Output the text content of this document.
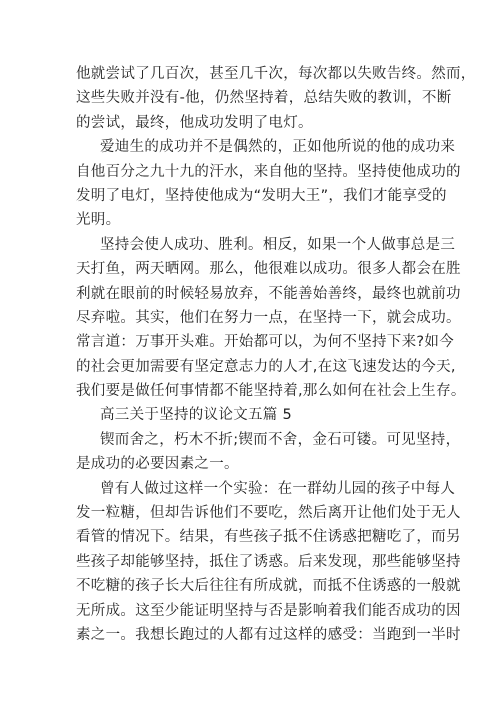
他就尝试了几百次，甚至几千次，每次都以失败告终。然而，
这些失败并没有-他，仍然坚持着，总结失败的教训，不断
的尝试，最终，他成功发明了电灯。
爱迪生的成功并不是偶然的，正如他所说的他的成功来
自他百分之九十九的汗水，来自他的坚持。坚持使他成功的
发明了电灯，坚持使他成为“发明大王”，我们才能享受的
光明。
坚持会使人成功、胜利。相反，如果一个人做事总是三
天打鱼，两天晒网。那么，他很难以成功。很多人都会在胜
利就在眼前的时候轻易放弃，不能善始善终，最终也就前功
尽弃啦。其实，他们在努力一点，在坚持一下，就会成功。
常言道：万事开头难。开始都可以，为何不坚持下来?如今
的社会更加需要有坚定意志力的人才,在这飞速发达的今天,
我们要是做任何事情都不能坚持着,那么如何在社会上生存。
高三关于坚持的议论文五篇 5
锲而舍之，朽木不折;锲而不舍，金石可镂。可见坚持，
是成功的必要因素之一。
曾有人做过这样一个实验：在一群幼儿园的孩子中每人
发一粒糖，但却告诉他们不要吃，然后离开让他们处于无人
看管的情况下。结果，有些孩子抵不住诱惑把糖吃了，而另
些孩子却能够坚持，抵住了诱惑。后来发现，那些能够坚持
不吃糖的孩子长大后往往有所成就，而抵不住诱惑的一般就
无所成。这至少能证明坚持与否是影响着我们能否成功的因
素之一。我想长跑过的人都有过这样的感受：当跑到一半时
